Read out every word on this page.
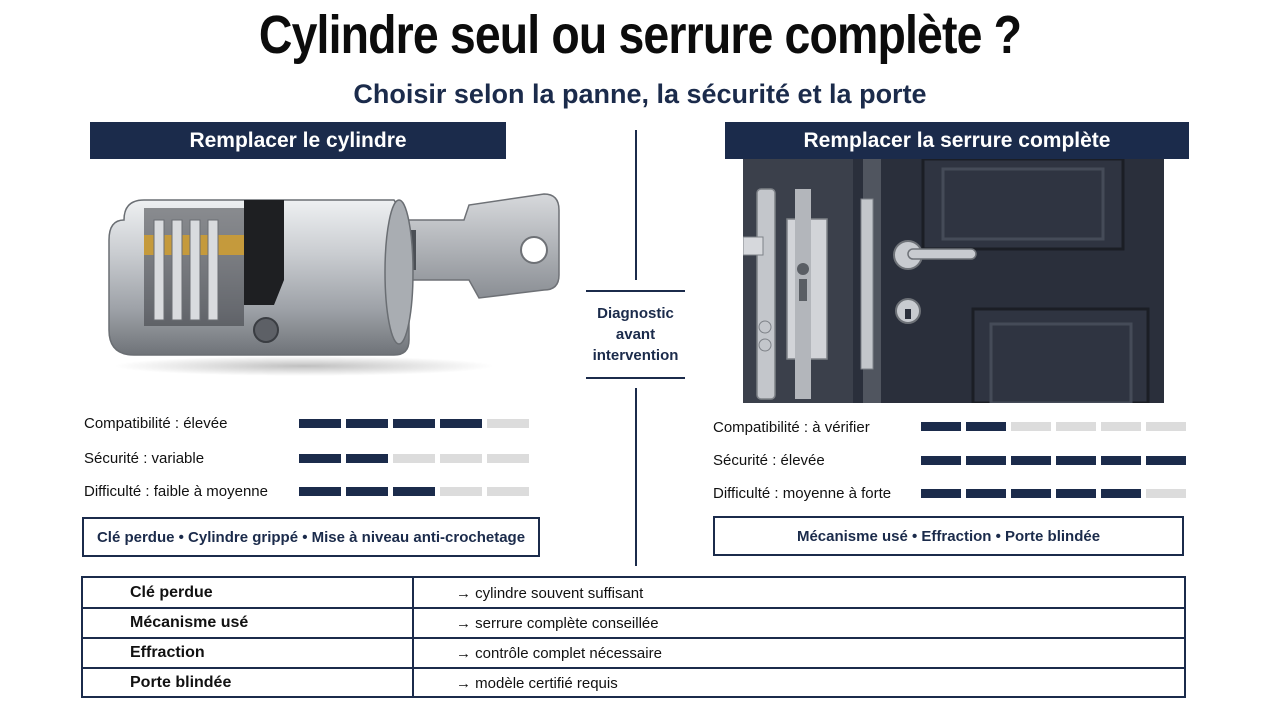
Cylindre seul ou serrure complète ?
Choisir selon la panne, la sécurité et la porte
Remplacer le cylindre	Remplacer la serrure complète
Diagnostic
avant
intervention
Compatibilité : élevée
Sécurité : variable
Difficulté : faible à moyenne
Compatibilité : à vérifier
Sécurité : élevée
Difficulté : moyenne à forte
Clé perdue • Cylindre grippé • Mise à niveau anti-crochetage	Mécanisme usé • Effraction • Porte blindée
Clé perdue	→ cylindre souvent suffisant
Mécanisme usé	→ serrure complète conseillée
Effraction	→ contrôle complet nécessaire
Porte blindée	→ modèle certifié requis
